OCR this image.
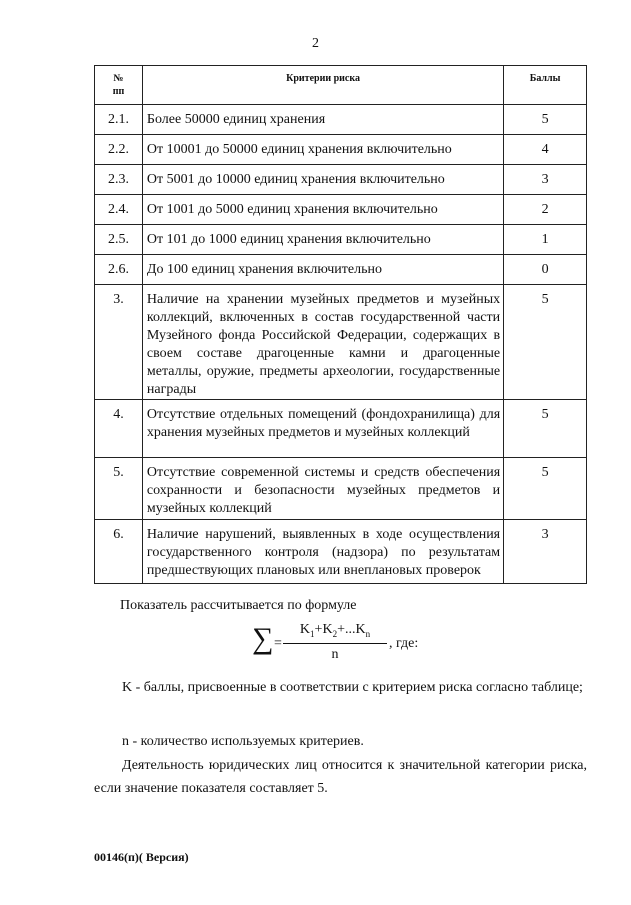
2
№
пп	Критерии риска	Баллы
2.1.	Более 50000 единиц хранения	5
2.2.	От 10001 до 50000 единиц хранения включительно	4
2.3.	От 5001 до 10000 единиц хранения включительно	3
2.4.	От 1001 до 5000 единиц хранения включительно	2
2.5.	От 101 до 1000 единиц хранения включительно	1
2.6.	До 100 единиц хранения включительно	0
3.	Наличие на хранении музейных предметов и музейных коллекций, включенных в состав государственной части Музейного фонда Российской Федерации, содержащих в своем составе драгоценные камни и драгоценные металлы, оружие, предметы археологии, государственные награды	5
4.	Отсутствие отдельных помещений (фондохранилища) для хранения музейных предметов и музейных коллекций	5
5.	Отсутствие современной системы и средств обеспечения сохранности и безопасности музейных предметов и музейных коллекций	5
6.	Наличие нарушений, выявленных в ходе осуществления государственного контроля (надзора) по результатам предшествующих плановых или внеплановых проверок	3
Показатель рассчитывается по формуле
∑ =
$K_1+K_2+...K_n$
n
, где:
K - баллы, присвоенные в соответствии с критерием риска согласно таблице;
n - количество используемых критериев.
Деятельность юридических лиц относится к значительной категории риска, если значение показателя составляет 5.
00146(п)( Версия)
